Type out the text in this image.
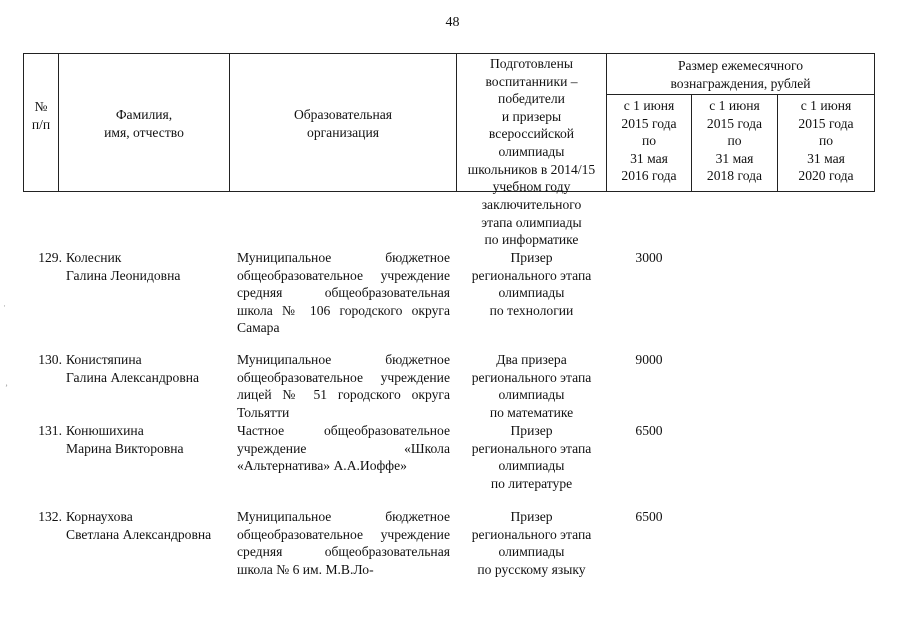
48
№
п/п
Фамилия,
имя, отчество
Образовательная
организация
Подготовлены
воспитанники –
победители
и призеры
всероссийской
олимпиады
школьников в 2014/15
учебном году
Размер ежемесячного
вознаграждения, рублей
с 1 июня
2015 года
по
31 мая
2016 года
с 1 июня
2015 года
по
31 мая
2018 года
с 1 июня
2015 года
по
31 мая
2020 года
заключительного
этапа олимпиады
по информатике
129. Колесник
Галина Леонидовна
Муниципальное бюджетное общеобразовательное учреждение средняя общеобразовательная школа № 106 городского округа Самара
Призер
регионального этапа
олимпиады
по технологии
3000
130. Конистяпина
Галина Александровна
Муниципальное бюджетное общеобразовательное учреждение лицей № 51 городского округа Тольятти
Два призера
регионального этапа
олимпиады
по математике
9000
131. Конюшихина
Марина Викторовна
Частное общеобразовательное учреждение «Школа «Альтернатива» А.А.Иоффе»
Призер
регионального этапа
олимпиады
по литературе
6500
132. Корнаухова
Светлана Александровна
Муниципальное бюджетное общеобразовательное учреждение средняя общеобразовательная школа № 6 им. М.В.Ло-
Призер
регионального этапа
олимпиады
по русскому языку
6500
·
’
